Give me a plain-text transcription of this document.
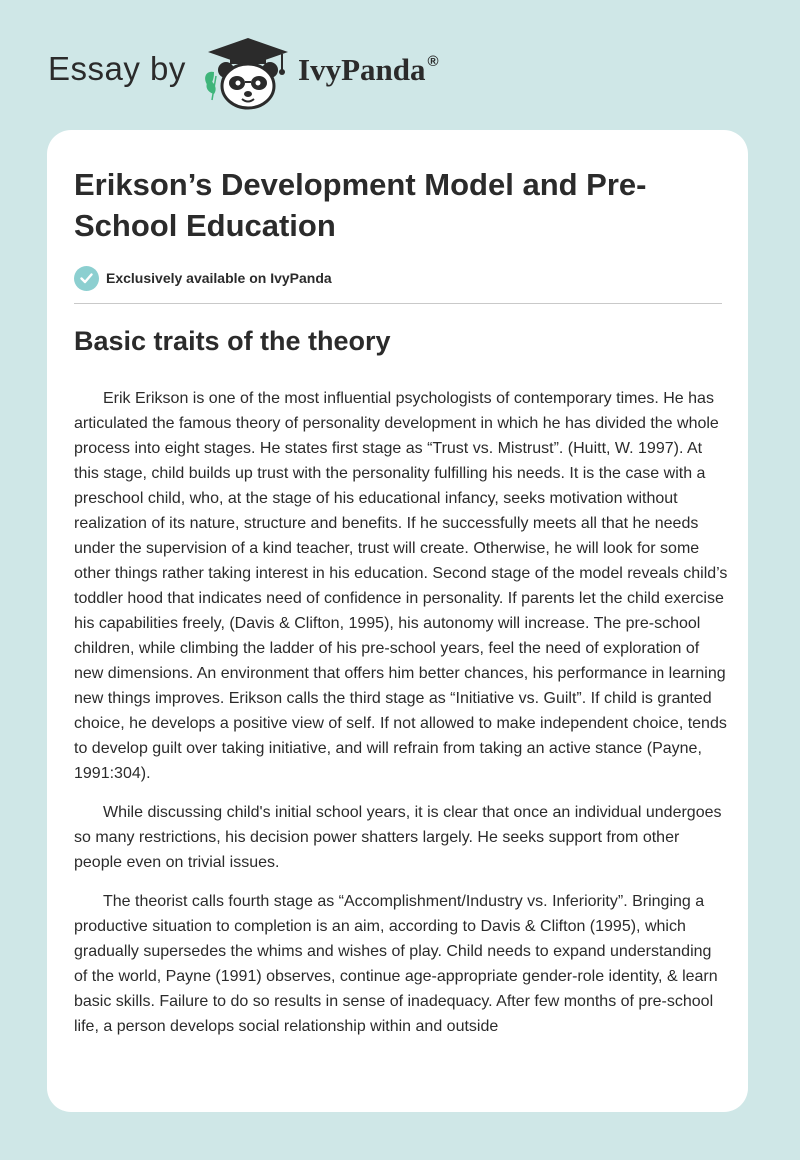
Essay by	IvyPanda ®
Erikson’s Development Model and Pre-School Education
Exclusively available on IvyPanda
Basic traits of the theory

Erik Erikson is one of the most influential psychologists of contemporary times. He has articulated the famous theory of personality development in which he has divided the whole process into eight stages. He states first stage as “Trust vs. Mistrust”. (Huitt, W. 1997). At this stage, child builds up trust with the personality fulfilling his needs. It is the case with a preschool child, who, at the stage of his educational infancy, seeks motivation without realization of its nature, structure and benefits. If he successfully meets all that he needs under the supervision of a kind teacher, trust will create. Otherwise, he will look for some other things rather taking interest in his education. Second stage of the model reveals child’s toddler hood that indicates need of confidence in personality. If parents let the child exercise his capabilities freely, (Davis & Clifton, 1995), his autonomy will increase. The pre-school children, while climbing the ladder of his pre-school years, feel the need of exploration of new dimensions. An environment that offers him better chances, his performance in learning new things improves. Erikson calls the third stage as “Initiative vs. Guilt”. If child is granted choice, he develops a positive view of self. If not allowed to make independent choice, tends to develop guilt over taking initiative, and will refrain from taking an active stance (Payne, 1991:304).

While discussing child's initial school years, it is clear that once an individual undergoes so many restrictions, his decision power shatters largely. He seeks support from other people even on trivial issues.

The theorist calls fourth stage as “Accomplishment/Industry vs. Inferiority”. Bringing a productive situation to completion is an aim, according to Davis & Clifton (1995), which gradually supersedes the whims and wishes of play. Child needs to expand understanding of the world, Payne (1991) observes, continue age-appropriate gender-role identity, & learn basic skills. Failure to do so results in sense of inadequacy. After few months of pre-school life, a person develops social relationship within and outside
